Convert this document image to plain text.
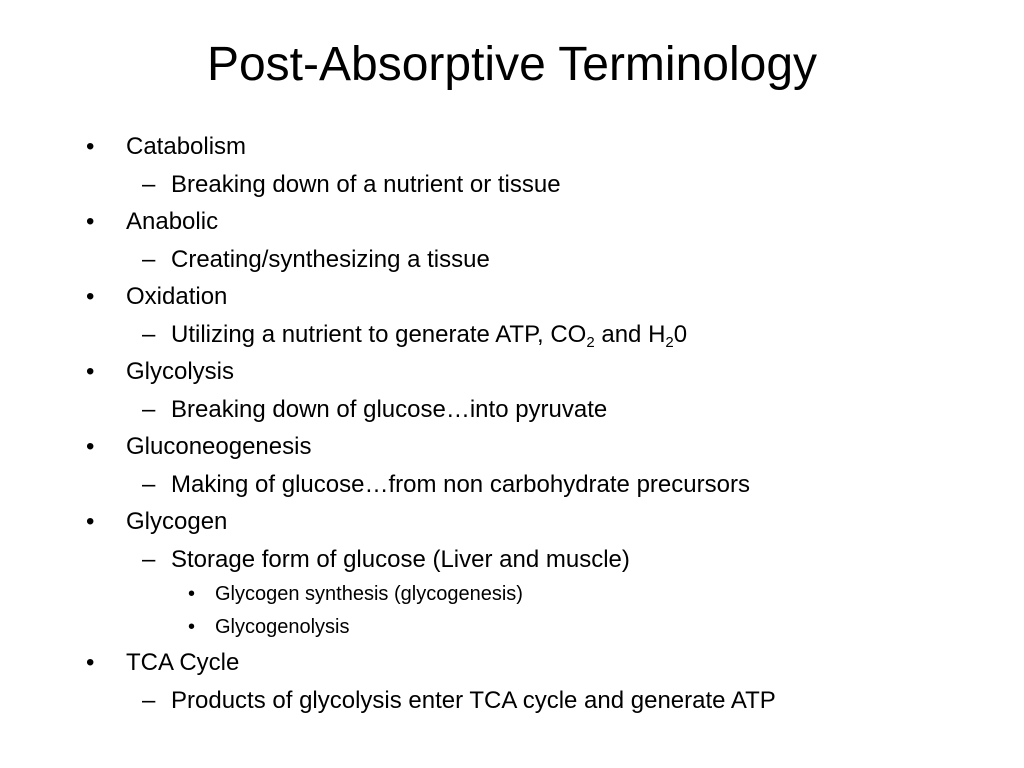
Post-Absorptive Terminology
• Catabolism
– Breaking down of a nutrient or tissue
• Anabolic
– Creating/synthesizing a tissue
• Oxidation
– Utilizing a nutrient to generate ATP, $CO_2$ and $H_20$
• Glycolysis
– Breaking down of glucose…into pyruvate
• Gluconeogenesis
– Making of glucose…from non carbohydrate precursors
• Glycogen
– Storage form of glucose (Liver and muscle)
• Glycogen synthesis (glycogenesis)
• Glycogenolysis
• TCA Cycle
– Products of glycolysis enter TCA cycle and generate ATP
